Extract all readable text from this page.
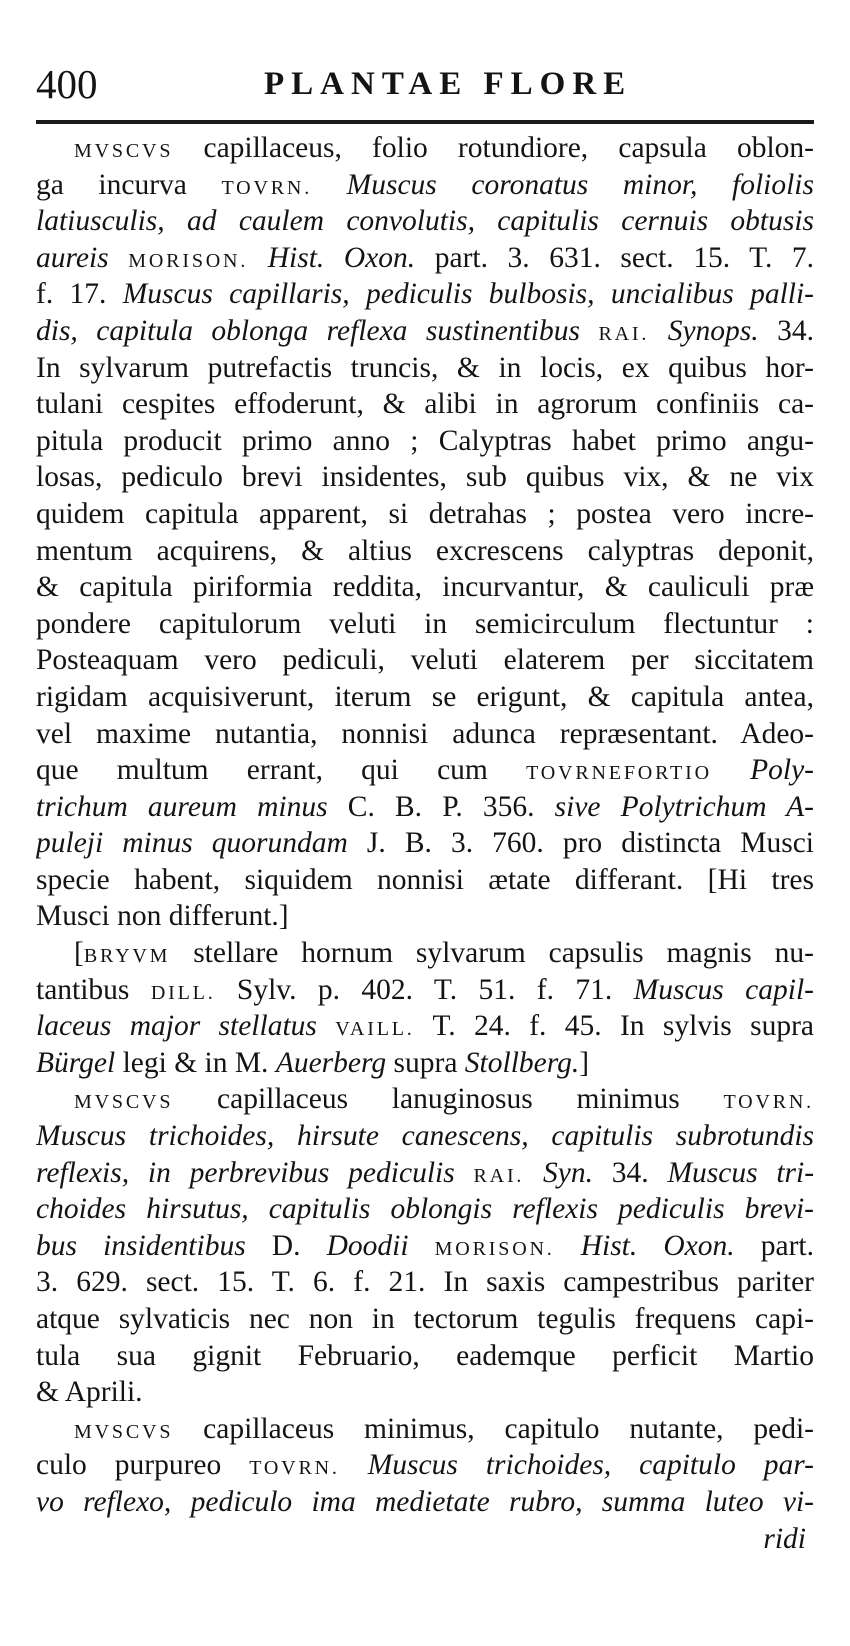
400	PLANTAE FLORE
MVSCVS capillaceus, folio rotundiore, capsula oblon-
ga incurva TOVRN. Muscus coronatus minor, foliolis
latiusculis, ad caulem convolutis, capitulis cernuis obtusis
aureis MORISON. Hist. Oxon. part. 3. 631. sect. 15. T. 7.
f. 17. Muscus capillaris, pediculis bulbosis, uncialibus palli-
dis, capitula oblonga reflexa sustinentibus RAI. Synops. 34.
In sylvarum putrefactis truncis, & in locis, ex quibus hor-
tulani cespites effoderunt, & alibi in agrorum confiniis ca-
pitula producit primo anno ; Calyptras habet primo angu-
losas, pediculo brevi insidentes, sub quibus vix, & ne vix
quidem capitula apparent, si detrahas ; postea vero incre-
mentum acquirens, & altius excrescens calyptras deponit,
& capitula piriformia reddita, incurvantur, & cauliculi præ
pondere capitulorum veluti in semicirculum flectuntur :
Posteaquam vero pediculi, veluti elaterem per siccitatem
rigidam acquisiverunt, iterum se erigunt, & capitula antea,
vel maxime nutantia, nonnisi adunca repræsentant. Adeo-
que multum errant, qui cum TOVRNEFORTIO Poly-
trichum aureum minus C. B. P. 356. sive Polytrichum A-
puleji minus quorundam J. B. 3. 760. pro distincta Musci
specie habent, siquidem nonnisi ætate differant. [Hi tres
Musci non differunt.]
[BRYVM stellare hornum sylvarum capsulis magnis nu-
tantibus DILL. Sylv. p. 402. T. 51. f. 71. Muscus capil-
laceus major stellatus VAILL. T. 24. f. 45. In sylvis supra
Bürgel legi & in M. Auerberg supra Stollberg.]
MVSCVS capillaceus lanuginosus minimus TOVRN.
Muscus trichoides, hirsute canescens, capitulis subrotundis
reflexis, in perbrevibus pediculis RAI. Syn. 34. Muscus tri-
choides hirsutus, capitulis oblongis reflexis pediculis brevi-
bus insidentibus D. Doodii MORISON. Hist. Oxon. part.
3. 629. sect. 15. T. 6. f. 21. In saxis campestribus pariter
atque sylvaticis nec non in tectorum tegulis frequens capi-
tula sua gignit Februario, eademque perficit Martio
& Aprili.
MVSCVS capillaceus minimus, capitulo nutante, pedi-
culo purpureo TOVRN. Muscus trichoides, capitulo par-
vo reflexo, pediculo ima medietate rubro, summa luteo vi-
ridi
